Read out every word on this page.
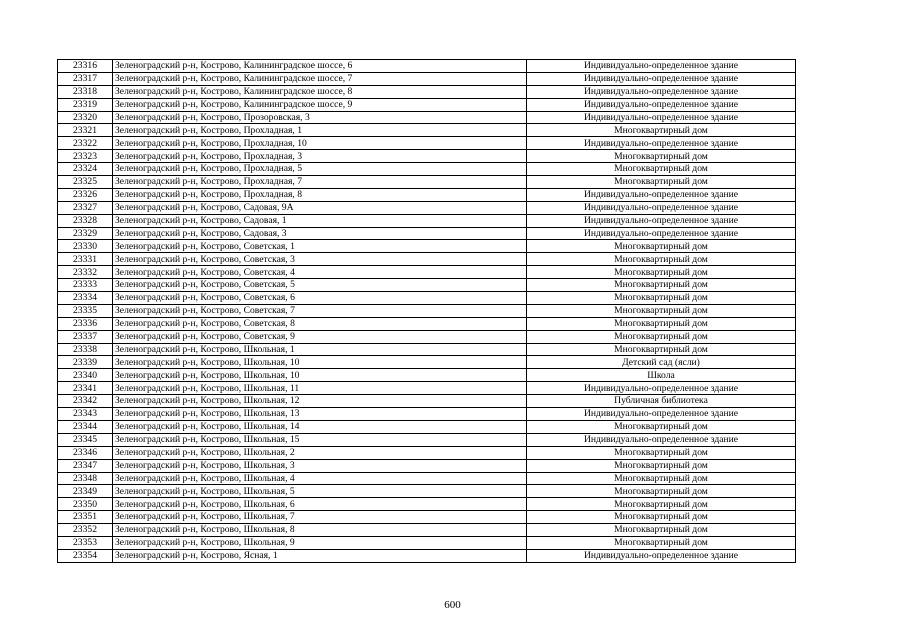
23316	Зеленоградский р-н, Кострово, Калининградское шоссе, 6	Индивидуально-определенное здание
23317	Зеленоградский р-н, Кострово, Калининградское шоссе, 7	Индивидуально-определенное здание
23318	Зеленоградский р-н, Кострово, Калининградское шоссе, 8	Индивидуально-определенное здание
23319	Зеленоградский р-н, Кострово, Калининградское шоссе, 9	Индивидуально-определенное здание
23320	Зеленоградский р-н, Кострово, Прозоровская, 3	Индивидуально-определенное здание
23321	Зеленоградский р-н, Кострово, Прохладная, 1	Многоквартирный дом
23322	Зеленоградский р-н, Кострово, Прохладная, 10	Индивидуально-определенное здание
23323	Зеленоградский р-н, Кострово, Прохладная, 3	Многоквартирный дом
23324	Зеленоградский р-н, Кострово, Прохладная, 5	Многоквартирный дом
23325	Зеленоградский р-н, Кострово, Прохладная, 7	Многоквартирный дом
23326	Зеленоградский р-н, Кострово, Прохладная, 8	Индивидуально-определенное здание
23327	Зеленоградский р-н, Кострово, Садовая, 9А	Индивидуально-определенное здание
23328	Зеленоградский р-н, Кострово, Садовая, 1	Индивидуально-определенное здание
23329	Зеленоградский р-н, Кострово, Садовая, 3	Индивидуально-определенное здание
23330	Зеленоградский р-н, Кострово, Советская, 1	Многоквартирный дом
23331	Зеленоградский р-н, Кострово, Советская, 3	Многоквартирный дом
23332	Зеленоградский р-н, Кострово, Советская, 4	Многоквартирный дом
23333	Зеленоградский р-н, Кострово, Советская, 5	Многоквартирный дом
23334	Зеленоградский р-н, Кострово, Советская, 6	Многоквартирный дом
23335	Зеленоградский р-н, Кострово, Советская, 7	Многоквартирный дом
23336	Зеленоградский р-н, Кострово, Советская, 8	Многоквартирный дом
23337	Зеленоградский р-н, Кострово, Советская, 9	Многоквартирный дом
23338	Зеленоградский р-н, Кострово, Школьная, 1	Многоквартирный дом
23339	Зеленоградский р-н, Кострово, Школьная, 10	Детский сад (ясли)
23340	Зеленоградский р-н, Кострово, Школьная, 10	Школа
23341	Зеленоградский р-н, Кострово, Школьная, 11	Индивидуально-определенное здание
23342	Зеленоградский р-н, Кострово, Школьная, 12	Публичная библиотека
23343	Зеленоградский р-н, Кострово, Школьная, 13	Индивидуально-определенное здание
23344	Зеленоградский р-н, Кострово, Школьная, 14	Многоквартирный дом
23345	Зеленоградский р-н, Кострово, Школьная, 15	Индивидуально-определенное здание
23346	Зеленоградский р-н, Кострово, Школьная, 2	Многоквартирный дом
23347	Зеленоградский р-н, Кострово, Школьная, 3	Многоквартирный дом
23348	Зеленоградский р-н, Кострово, Школьная, 4	Многоквартирный дом
23349	Зеленоградский р-н, Кострово, Школьная, 5	Многоквартирный дом
23350	Зеленоградский р-н, Кострово, Школьная, 6	Многоквартирный дом
23351	Зеленоградский р-н, Кострово, Школьная, 7	Многоквартирный дом
23352	Зеленоградский р-н, Кострово, Школьная, 8	Многоквартирный дом
23353	Зеленоградский р-н, Кострово, Школьная, 9	Многоквартирный дом
23354	Зеленоградский р-н, Кострово, Ясная, 1	Индивидуально-определенное здание
600
